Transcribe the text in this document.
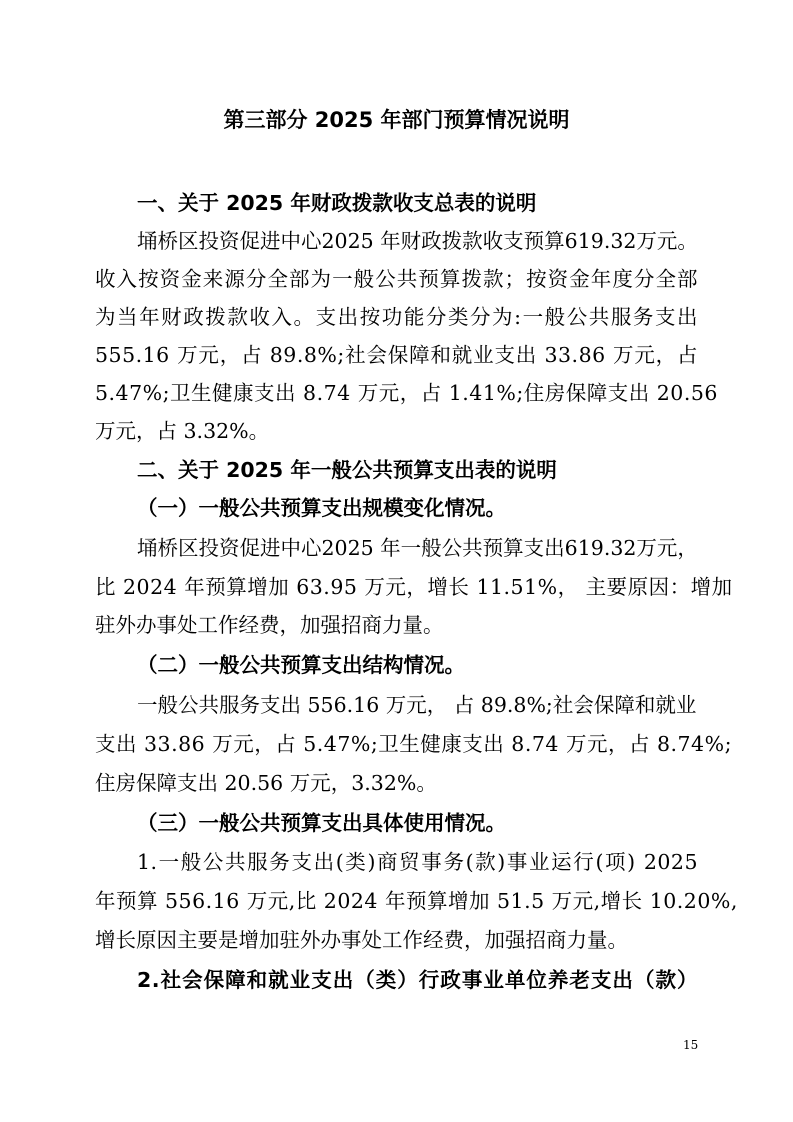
第三部分 2025 年部门预算情况说明
一、关于 2025 年财政拨款收支总表的说明
埇桥区投资促进中心2025 年财政拨款收支预算619.32万元。
收入按资金来源分全部为一般公共预算拨款；按资金年度分全部
为当年财政拨款收入。支出按功能分类分为:一般公共服务支出
555.16 万元，占 89.8%;社会保障和就业支出 33.86 万元，占
5.47%;卫生健康支出 8.74 万元，占 1.41%;住房保障支出 20.56
万元，占 3.32%。
二、关于 2025 年一般公共预算支出表的说明
（一）一般公共预算支出规模变化情况。
埇桥区投资促进中心2025 年一般公共预算支出619.32万元，
比 2024 年预算增加 63.95 万元，增长 11.51%， 主要原因：增加
驻外办事处工作经费，加强招商力量。
（二）一般公共预算支出结构情况。
一般公共服务支出 556.16 万元， 占 89.8%;社会保障和就业
支出 33.86 万元，占 5.47%;卫生健康支出 8.74 万元，占 8.74%;
住房保障支出 20.56 万元，3.32%。
（三）一般公共预算支出具体使用情况。
1.一般公共服务支出(类)商贸事务(款)事业运行(项) 2025
年预算 556.16 万元,比 2024 年预算增加 51.5 万元,增长 10.20%,
增长原因主要是增加驻外办事处工作经费，加强招商力量。
2.社会保障和就业支出（类）行政事业单位养老支出（款）
15
